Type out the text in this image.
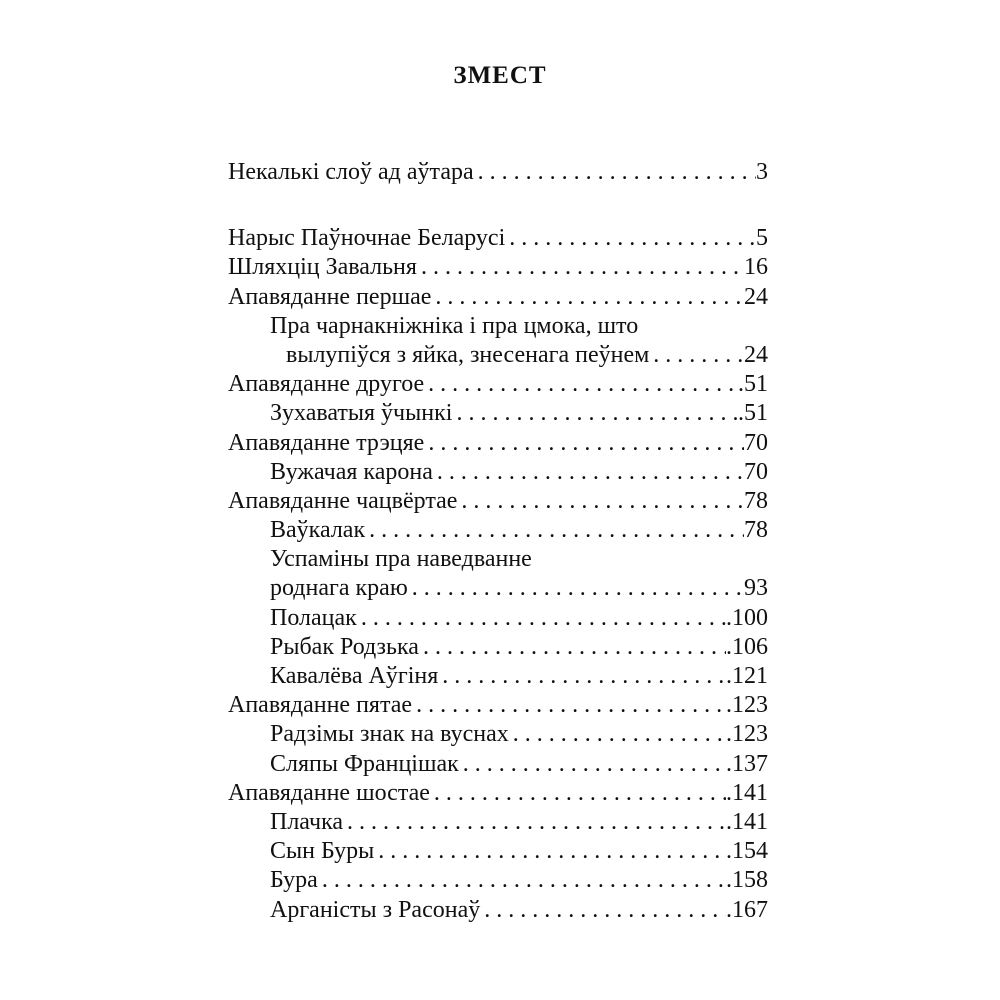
ЗМЕСТ
Некалькі слоў ад аўтара . . .	3
Нарыс Паўночнае Беларусі . . .	5
Шляхціц Завальня . . .	16
Апавяданне першае . . .	24
Пра чарнакніжніка і пра цмока, што
вылупіўся з яйка, знесенага пеўнем . . .	24
Апавяданне другое . . .	.51
Зухаватыя ўчынкі . . .	.51
Апавяданне трэцяе . . .	70
Вужачая карона . . .	70
Апавяданне чацвёртае . . .	78
Ваўкалак . . .	78
Успаміны пра наведванне
роднага краю . . .	93
Полацак . . .	.100
Рыбак Родзька . . .	.106
Кавалёва Аўгіня . . .	.121
Апавяданне пятае . . .	.123
Радзімы знак на вуснах . . .	.123
Сляпы Францішак . . .	.137
Апавяданне шостае . . .	.141
Плачка . . .	.141
Сын Буры . . .	.154
Бура . . .	.158
Арганісты з Расонаў . . .	.167
